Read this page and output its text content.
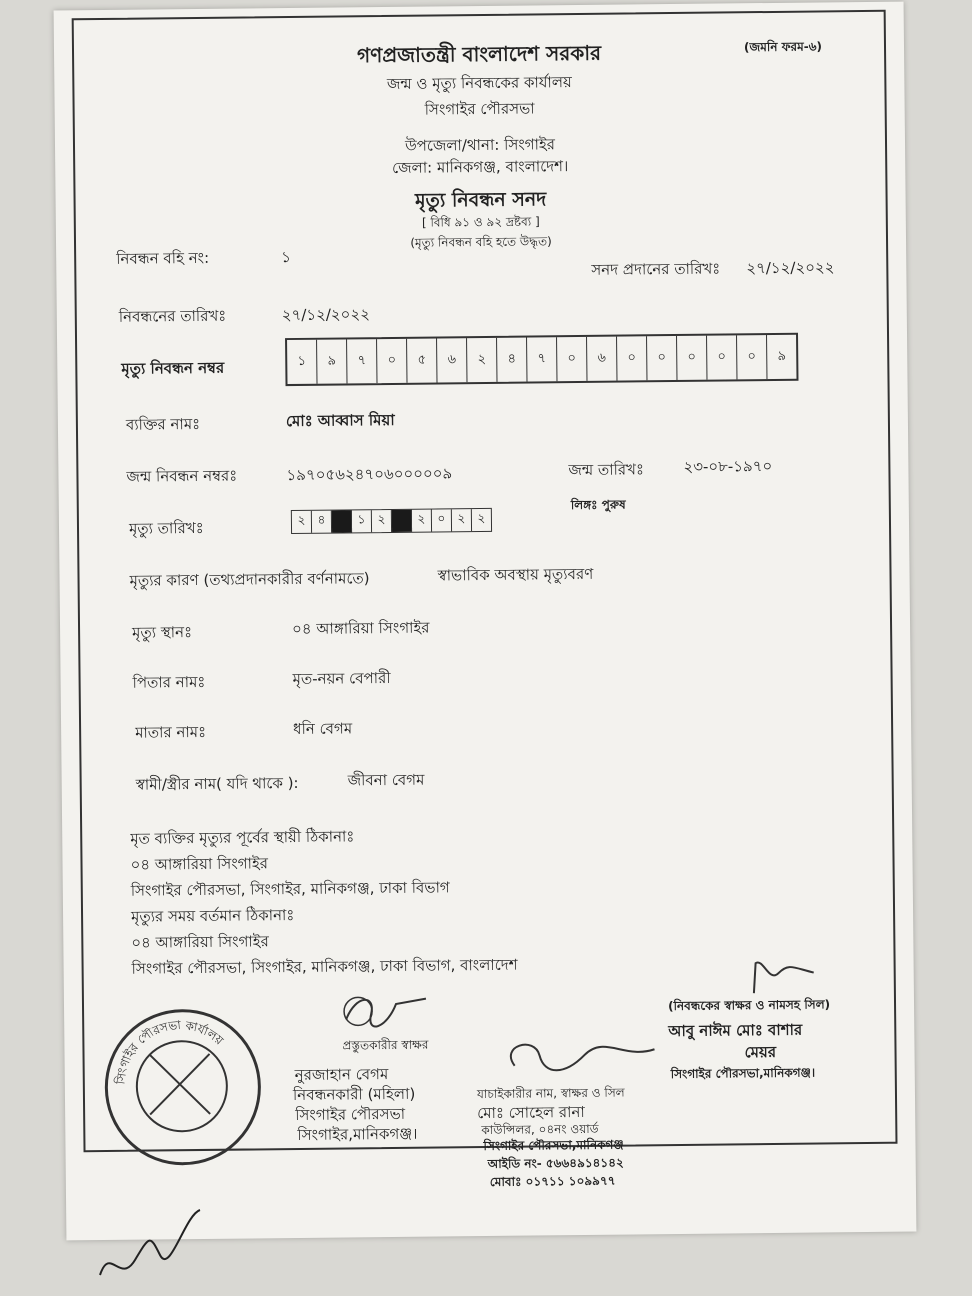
গণপ্রজাতন্ত্রী বাংলাদেশ সরকার	(জমনি ফরম-৬)
জন্ম ও মৃত্যু নিবন্ধকের কার্যালয়
সিংগাইর পৌরসভা
উপজেলা/থানা: সিংগাইর
জেলা: মানিকগঞ্জ, বাংলাদেশ।
মৃত্যু নিবন্ধন সনদ
[ বিধি ৯১ ও ৯২ দ্রষ্টব্য ]
(মৃত্যু নিবন্ধন বহি হতে উদ্ধৃত)
নিবন্ধন বহি নং:	১
সনদ প্রদানের তারিখঃ ২৭/১২/২০২২
নিবন্ধনের তারিখঃ	২৭/১২/২০২২
মৃত্যু নিবন্ধন নম্বর	১	৯	৭	০	৫	৬	২	৪	৭	০	৬	০	০	০	০	০	৯
ব্যক্তির নামঃ	মোঃ আব্বাস মিয়া
জন্ম নিবন্ধন নম্বরঃ	১৯৭০৫৬২৪৭০৬০০০০০৯	জন্ম তারিখঃ	২৩-০৮-১৯৭০
লিঙ্গঃ পুরুষ
মৃত্যু তারিখঃ	২	৪	১	২	২	০	২	২
মৃত্যুর কারণ (তথ্যপ্রদানকারীর বর্ণনামতে)	স্বাভাবিক অবস্থায় মৃত্যুবরণ
মৃত্যু স্থানঃ	০৪ আঙ্গারিয়া সিংগাইর
পিতার নামঃ	মৃত-নয়ন বেপারী
মাতার নামঃ	ধনি বেগম
স্বামী/স্ত্রীর নাম( যদি থাকে ):	জীবনা বেগম
মৃত ব্যক্তির মৃত্যুর পূর্বের স্থায়ী ঠিকানাঃ
০৪ আঙ্গারিয়া সিংগাইর
সিংগাইর পৌরসভা, সিংগাইর, মানিকগঞ্জ, ঢাকা বিভাগ
মৃত্যুর সময় বর্তমান ঠিকানাঃ
০৪ আঙ্গারিয়া সিংগাইর
সিংগাইর পৌরসভা, সিংগাইর, মানিকগঞ্জ, ঢাকা বিভাগ, বাংলাদেশ
প্রস্তুতকারীর স্বাক্ষর
নুরজাহান বেগম
নিবন্ধনকারী (মহিলা)
সিংগাইর পৌরসভা
সিংগাইর,মানিকগঞ্জ।
যাচাইকারীর নাম, স্বাক্ষর ও সিল
মোঃ সোহেল রানা
কাউন্সিলর, ০৪নং ওয়ার্ড
সিংগাইর পৌরসভা,মানিকগঞ্জ
আইডি নং- ৫৬৬৪৯১৪১৪২
মোবাঃ ০১৭১১ ১০৯৯৭৭
(নিবন্ধকের স্বাক্ষর ও নামসহ সিল)
আবু নাঈম মোঃ বাশার
মেয়র
সিংগাইর পৌরসভা,মানিকগঞ্জ।
সিংগাইর পৌরসভা কার্যালয়
